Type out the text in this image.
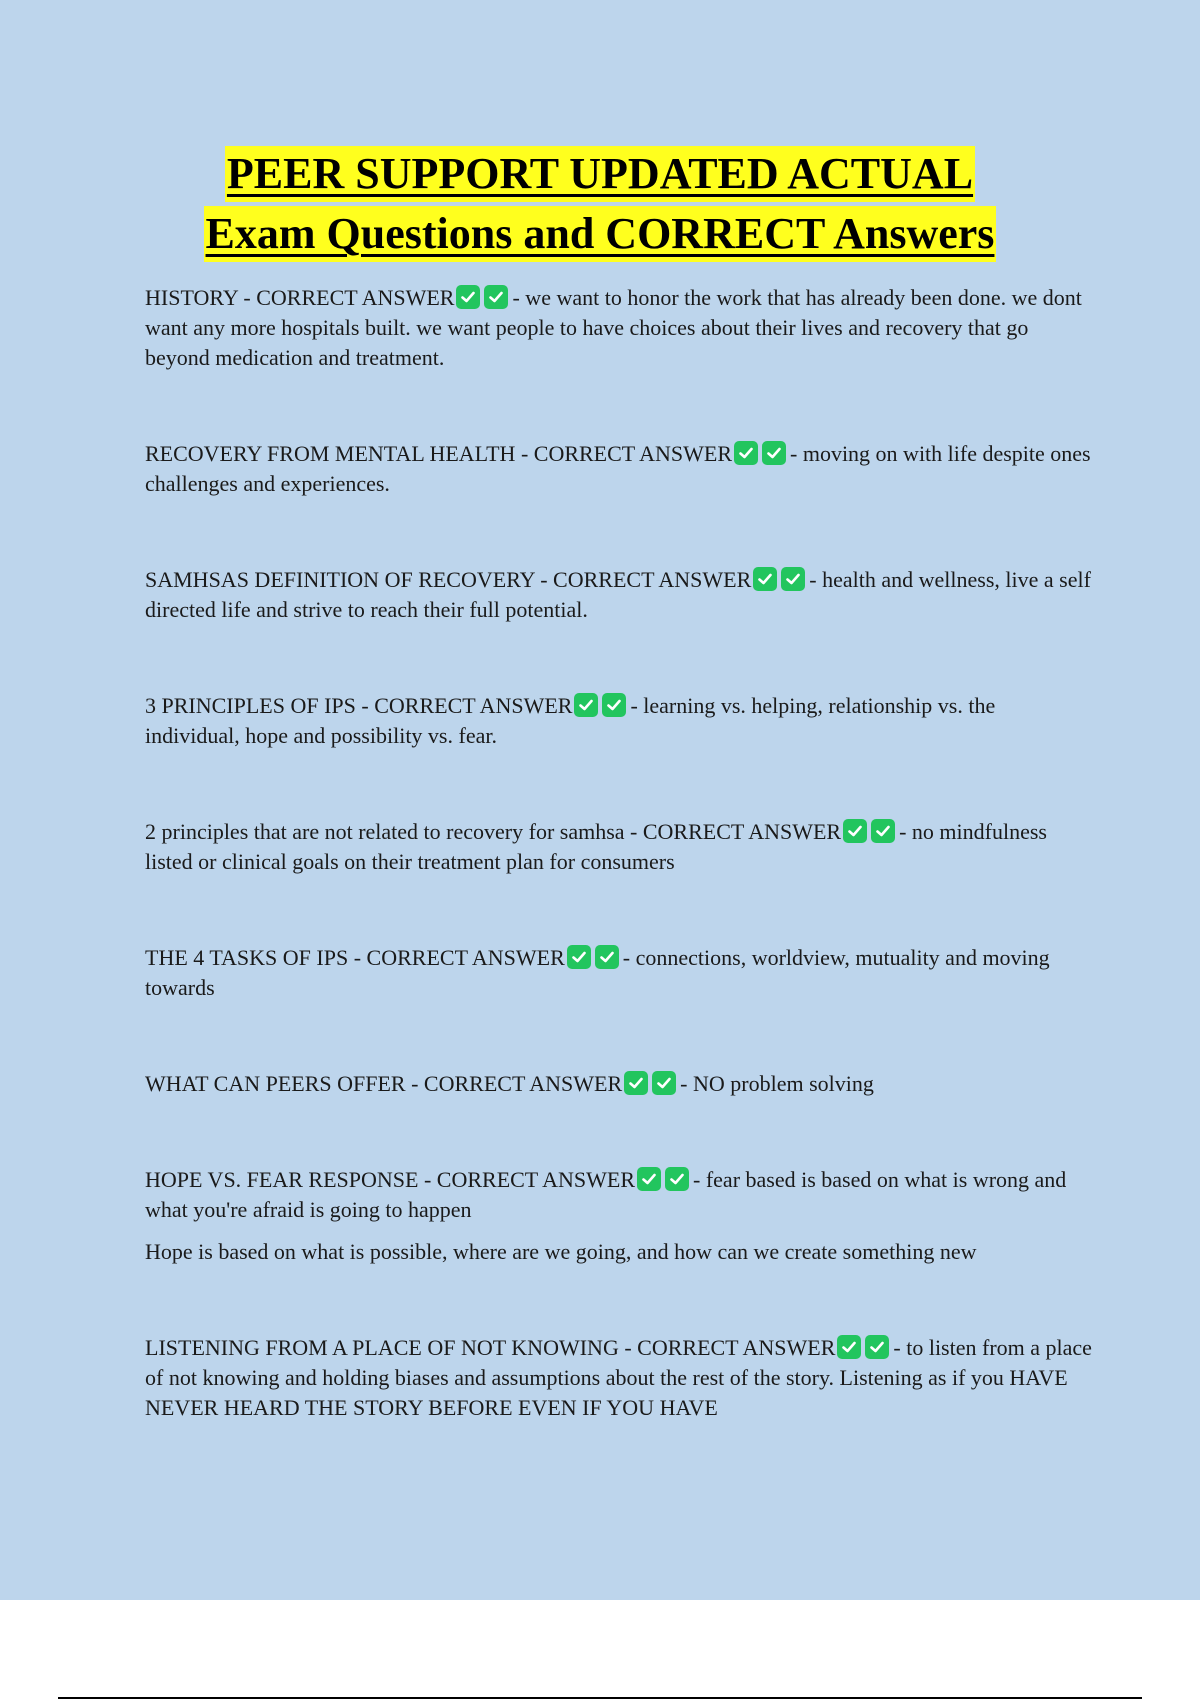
PEER SUPPORT UPDATED ACTUAL
Exam Questions and CORRECT Answers

HISTORY - CORRECT ANSWER	- we want to honor the work that has already been done. we dont want any more hospitals built. we want people to have choices about their lives and recovery that go beyond medication and treatment.

RECOVERY FROM MENTAL HEALTH - CORRECT ANSWER	- moving on with life despite ones challenges and experiences.

SAMHSAS DEFINITION OF RECOVERY - CORRECT ANSWER	- health and wellness, live a self directed life and strive to reach their full potential.

3 PRINCIPLES OF IPS - CORRECT ANSWER	- learning vs. helping, relationship vs. the individual, hope and possibility vs. fear.

2 principles that are not related to recovery for samhsa - CORRECT ANSWER	- no mindfulness listed or clinical goals on their treatment plan for consumers

THE 4 TASKS OF IPS - CORRECT ANSWER	- connections, worldview, mutuality and moving towards

WHAT CAN PEERS OFFER - CORRECT ANSWER	- NO problem solving

HOPE VS. FEAR RESPONSE - CORRECT ANSWER	- fear based is based on what is wrong and what you're afraid is going to happen

Hope is based on what is possible, where are we going, and how can we create something new

LISTENING FROM A PLACE OF NOT KNOWING - CORRECT ANSWER	- to listen from a place of not knowing and holding biases and assumptions about the rest of the story. Listening as if you HAVE NEVER HEARD THE STORY BEFORE EVEN IF YOU HAVE
